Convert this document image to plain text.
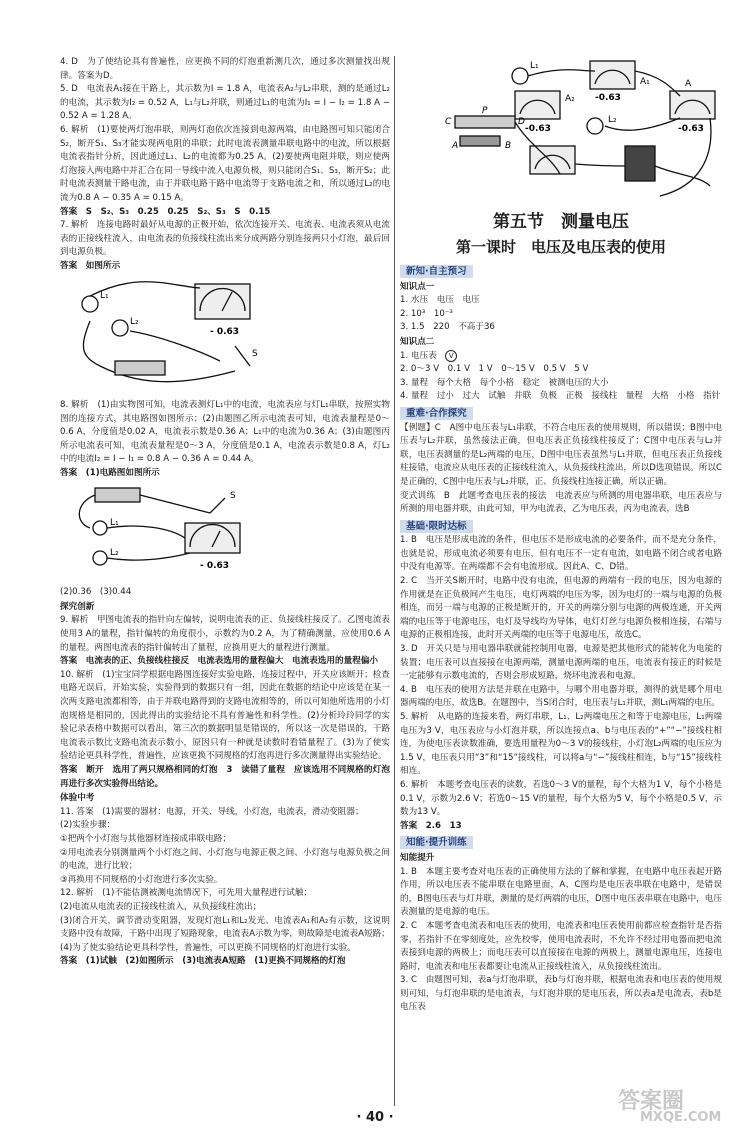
4. D　为了使结论具有普遍性，应更换不同的灯泡重新测几次，通过多次测量找出规律。答案为D。

5. D　电流表A₁接在干路上，其示数为I = 1.8 A，电流表A₂与L₂串联，测的是通过L₂的电流，其示数为I₂ = 0.52 A，L₁与L₂并联，则通过L₁的电流为I₁ = I − I₂ = 1.8 A − 0.52 A = 1.28 A。

6. 解析　(1)要使两灯泡串联，则两灯泡依次连接到电源两端，由电路图可知只能闭合S₂，断开S₁、S₃才能实现两电阻的串联；此时电流表测量串联电路中的电流，所以根据电流表指针分析，因此通过L₁、L₂的电流都为0.25 A。(2)要使两电阻并联，则应使两灯泡接入两电路中并汇合在同一导线中流入电源负极，则只能闭合S₁、S₃，断开S₂；此时电流表测量干路电流，由于并联电路干路中电流等于支路电流之和，所以通过L₂的电流为0.8 A − 0.35 A = 0.15 A。

答案　S　S₂、S₃　0.25　0.25　S₂、S₃　S　0.15

7. 解析　连接电路时最好从电源的正极开始，依次连接开关、电流表、电流表须从电流表的正接线柱流入，由电流表的负接线柱流出来分成两路分别连接两只小灯泡，最后回到电源负极。

答案　如图所示

L₁
L₂
S
- 0.63

8. 解析　(1)由实物图可知，电流表测灯L₁中的电流，电流表应与灯L₁串联，按照实物图的连接方式，其电路图如图所示；(2)由题图乙所示电流表可知，电流表量程是0～0.6 A，分度值是0.02 A，电流表示数是0.36 A；L₁中的电流为0.36 A；(3)由题图丙所示电流表可知，电流表量程是0～3 A，分度值是0.1 A，电流表示数是0.8 A，灯L₂中的电流I₂ = I − I₁ = 0.8 A − 0.36 A = 0.44 A。

答案　(1)电路图如图所示

L₁
L₂
S
- 0.63

(2)0.36　(3)0.44

探究创新

9. 解析　甲图电流表的指针向左偏转，说明电流表的正、负接线柱接反了。乙图电流表使用3 A的量程，指针偏转的角度很小，示数约为0.2 A，为了精确测量，应使用0.6 A的量程。两图电流表的指针偏转出了量程，应换用更大的量程进行测量。

答案　电流表的正、负接线柱接反　电流表选用的量程偏大　电流表选用的量程偏小

10. 解析　(1)宝宝同学根据电路图连接好实验电路，连接过程中，开关应该断开；检查电路无误后，开始实验，实验得到的数据只有一组，因此在数据的结论中应该是在某一次两支路电流都相等，由于并联电路得到的支路电流相等的，所以可知他所选用的小灯泡规格是相同的，因此得出的实验结论不具有普遍性和科学性。(2)分析玲玲同学的实验记录表格中数据可以看出，第三次的数据明显是错误的，所以这一次是错误的，干路电流表示数比支路电流表示数小，原因只有一种就是读数时看错量程了。(3)为了使实验结论更具科学性，普遍性，应该更换不同规格的灯泡再进行多次测量得出实验结论。

答案　断开　选用了两只规格相同的灯泡　3　读错了量程　应该选用不同规格的灯泡再进行多次实验得出结论。

体验中考

11. 答案　(1)需要的器材：电源，开关、导线，小灯泡，电流表，滑动变阻器；

(2)实验步骤：

①把两个小灯泡与其他器材连接成串联电路；

②用电流表分别测量两个小灯泡之间、小灯泡与电源正极之间、小灯泡与电源负极之间的电流，进行比较；

③再换用不同规格的小灯泡进行多次实验。

12. 解析　(1)不能估测被测电流情况下，可先用大量程进行试触；

(2)电流从电流表的正接线柱流入，从负接线柱流出；

(3)闭合开关，调节滑动变阻器，发现灯泡L₁和L₂发光、电流表A₁和A₂有示数，这说明支路中没有故障，干路中出现了短路现象，电流表A示数为零，则故障是电流表A短路；

(4)为了使实验结论更具科学性，普遍性，可以更换不同规格的灯泡进行实验。

答案　(1)试触　(2)如图所示　(3)电流表A短路　(1)更换不同规格的灯泡

L₁
L₂
A₁
A₂
A
-0.63
-0.63	-0.63
C
P
D
A	B

第五节　测量电压

第一课时　电压及电压表的使用

新知·自主预习

知识点一

1. 水压　电压　电压

2. 10³　10⁻³

3. 1.5　220　不高于36

知识点二

1. 电压表　 V

2. 0～3 V　0.1 V　1 V　0～15 V　0.5 V　5 V

3. 量程　每个大格　每个小格　稳定　被测电压的大小

4. 量程　过小　过大　试触　并联　负极　正极　接线柱　量程　大格　小格　指针

重难·合作探究

【例题】C　A图中电压表与L₁串联，不符合电压表的使用规则，所以错误；B图中电压表与L₂并联，虽然接法正确，但电压表正负接线柱接反了；C图中电压表与L₂并联，电压表测量的是L₂两端的电压，D图中电压表虽然与L₁并联，但电压表正负接线柱接错，电流应从电压表的正接线柱流入，从负接线柱流出，所以D选项错误。所以C是正确的，C图中电压表与L₂并联，正、负接线柱连接正确，所以正确。

变式训练　B　此题考查电压表的接法　电流表应与所测的用电器串联，电压表应与所测的用电器并联，由此可知，甲为电流表，乙为电压表，丙为电流表，选B

基础·限时达标

1. B　电压是形成电流的条件，但电压不是形成电流的必要条件，而不是充分条件，也就是说，形成电流必须要有电压，但有电压不一定有电流，如电路不闭合或者电路中没有电源等。在两端都不会有电流形成。因此A、C、D错。

2. C　当开关S断开时，电路中没有电流，但电源的两端有一段的电压，因为电源的作用就是在正负极间产生电压，电灯两端的电压为零，因为电灯的一端与电源的负极相连，而另一端与电源的正极是断开的，开关的两端分别与电源的两极连通，开关两端的电压等于电源电压，电灯及导线均为导体，电灯灯丝与电源负极相连接，右端与电源的正极相连接，此时开关两端的电压等于电源电压，故选C。

3. D　开关只是与用电器串联就能控制用电器，电源是把其他形式的能转化为电能的装置；电压表可以直接接在电源两端，测量电源两端的电压，电流表有接正的时候是一定能够有示数电流的，否则会形成短路，烧坏电流表和电源。

4. B　电压表的使用方法是并联在电路中，与哪个用电器并联，测得的就是哪个用电器两端的电压，故选B。在题图中，当S闭合时，电压表与L₁并联，测L₁两端的电压。

5. 解析　从电路的连接来看，两灯串联，L₁、L₂两端电压之和等于电源电压，L₁两端电压为3 V，电压表应与小灯泡并联，所以连接点a、b与电压表的“+”“−”接线柱相连，为使电压表读数准确，要选用量程为0～3 V的接线柱，小灯泡L₂两端的电压应为1.5 V，电压表只用“3”和“15”接线柱，可以将a与“−”接线柱相连，b与“15”接线柱相连。

6. 解析　本题考查电压表的读数，若选0～3 V的量程，每个大格为1 V，每个小格是0.1 V，示数为2.6 V；若选0～15 V的量程，每个大格为5 V，每个小格是0.5 V，示数为13 V。

答案　2.6　13

知能·提升训练

知能提升

1. B　本题主要考查对电压表的正确使用方法的了解和掌握，在电路中电压表起开路作用，所以电压表不能串联在电路里面，A、C图均是电压表串联在电路中，是错误的，B图电压表与灯并联，测量的是灯两端的电压，D图中电压表串联在电路中，电压表测量的是电源的电压。

2. C　本题考查电流表和电压表的使用，电流表和电压表使用前都应检查指针是否指零，若指针不在零刻度处，应先校零，使用电流表时，不允许不经过用电器而把电流表接到电源的两极上；而电压表可以直接接在电源的两极上，测量电源电压，连接电路时，电流表和电压表都要让电流从正接线柱流入，从负接线柱流出。

3. C　由题图可知，表a与灯泡串联，表b与灯泡并联，根据电流表和电压表的使用规则可知，与灯泡串联的是电流表，与灯泡并联的是电压表，所以表a是电流表，表b是电压表

· 40 ·
答案圈
MXQE.COM
